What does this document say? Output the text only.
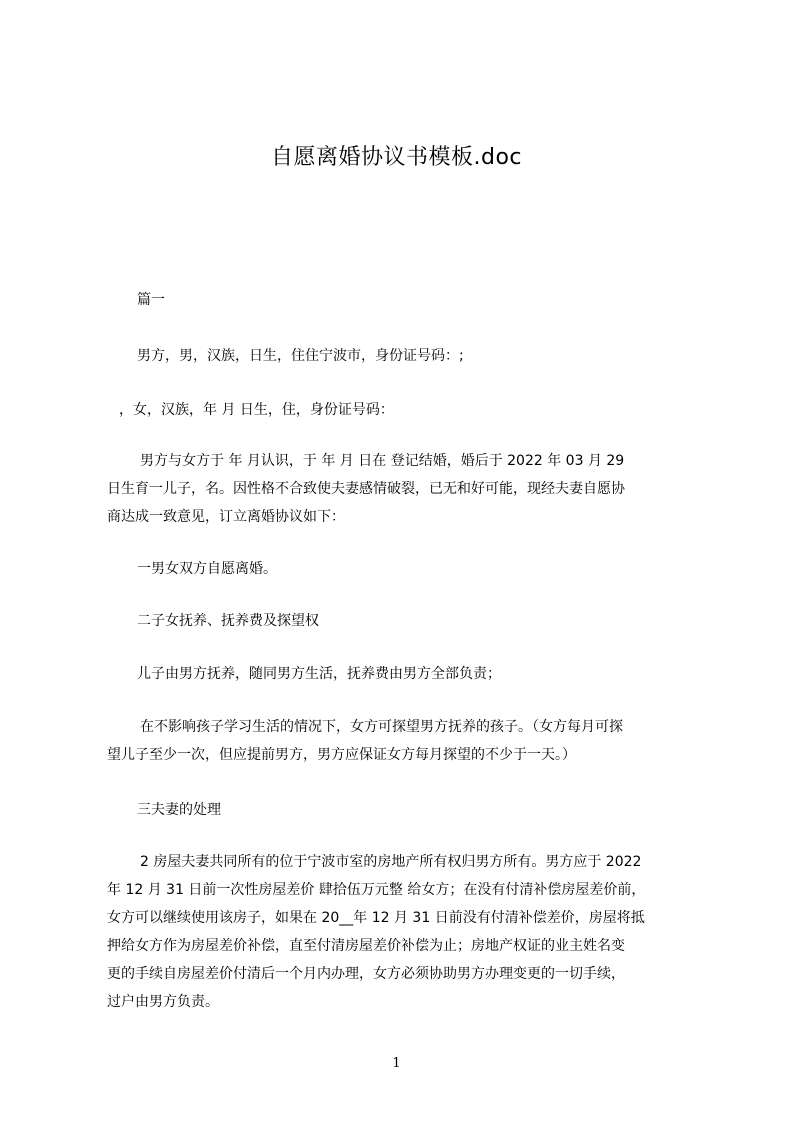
自愿离婚协议书模板.doc
篇一
男方，男，汉族，日生，住住宁波市，身份证号码：;
，女，汉族，年 月 日生，住，身份证号码：
男方与女方于 年 月认识，于 年 月 日在 登记结婚，婚后于 2022 年 03 月 29
日生育一儿子，名。因性格不合致使夫妻感情破裂，已无和好可能，现经夫妻自愿协
商达成一致意见，订立离婚协议如下：
一男女双方自愿离婚。
二子女抚养、抚养费及探望权
儿子由男方抚养，随同男方生活，抚养费由男方全部负责；
在不影响孩子学习生活的情况下，女方可探望男方抚养的孩子。（女方每月可探
望儿子至少一次，但应提前男方，男方应保证女方每月探望的不少于一天。）
三夫妻的处理
2 房屋夫妻共同所有的位于宁波市室的房地产所有权归男方所有。男方应于 2022
年 12 月 31 日前一次性房屋差价 肆拾伍万元整 给女方；在没有付清补偿房屋差价前，
女方可以继续使用该房子，如果在 20__年 12 月 31 日前没有付清补偿差价，房屋将抵
押给女方作为房屋差价补偿，直至付清房屋差价补偿为止；房地产权证的业主姓名变
更的手续自房屋差价付清后一个月内办理，女方必须协助男方办理变更的一切手续，
过户由男方负责。
1
